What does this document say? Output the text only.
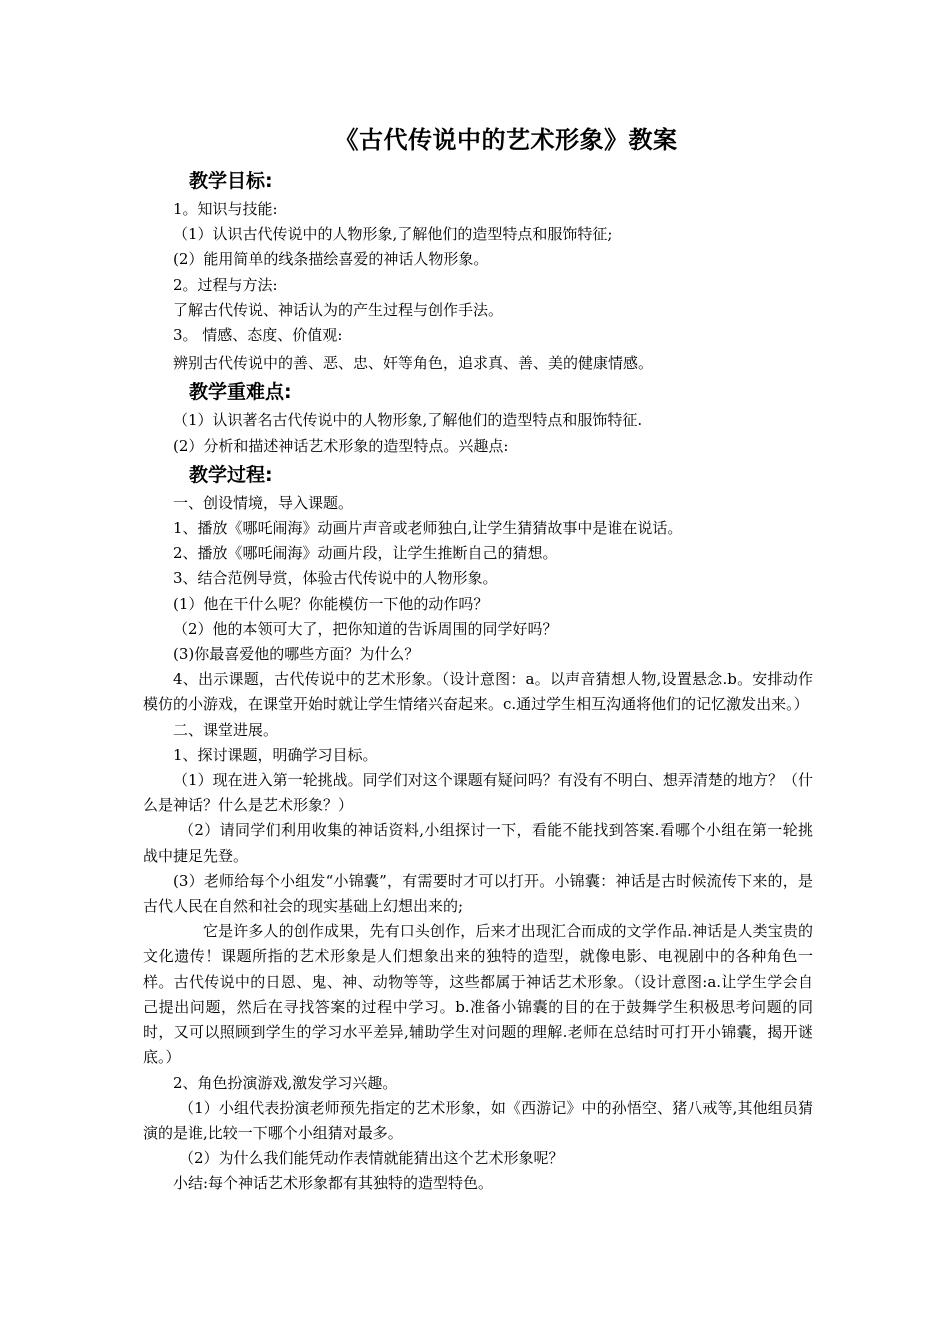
《古代传说中的艺术形象》教案
教学目标:

1。知识与技能:

（1）认识古代传说中的人物形象,了解他们的造型特点和服饰特征;

(2）能用简单的线条描绘喜爱的神话人物形象。

2。过程与方法:

了解古代传说、神话认为的产生过程与创作手法。

3。 情感、态度、价值观:

辨别古代传说中的善、恶、忠、奸等角色，追求真、善、美的健康情感。

教学重难点:

（1）认识著名古代传说中的人物形象,了解他们的造型特点和服饰特征.

(2）分析和描述神话艺术形象的造型特点。兴趣点:

教学过程:

一、创设情境，导入课题。

1、播放《哪吒闹海》动画片声音或老师独白,让学生猜猜故事中是谁在说话。

2、播放《哪吒闹海》动画片段，让学生推断自己的猜想。

3、结合范例导赏，体验古代传说中的人物形象。

(1）他在干什么呢？你能模仿一下他的动作吗？

（2）他的本领可大了，把你知道的告诉周围的同学好吗？

(3)你最喜爱他的哪些方面？为什么？

4、出示课题，古代传说中的艺术形象。（设计意图：a。以声音猜想人物,设置悬念.b。安排动作模仿的小游戏，在课堂开始时就让学生情绪兴奋起来。c.通过学生相互沟通将他们的记忆激发出来。）

二、课堂进展。

1、探讨课题，明确学习目标。

（1）现在进入第一轮挑战。同学们对这个课题有疑问吗？有没有不明白、想弄清楚的地方？（什么是神话？什么是艺术形象？）

（2）请同学们利用收集的神话资料,小组探讨一下，看能不能找到答案.看哪个小组在第一轮挑战中捷足先登。

(3）老师给每个小组发“小锦囊”，有需要时才可以打开。小锦囊：神话是古时候流传下来的，是古代人民在自然和社会的现实基础上幻想出来的;

它是许多人的创作成果，先有口头创作，后来才出现汇合而成的文学作品.神话是人类宝贵的文化遗传！课题所指的艺术形象是人们想象出来的独特的造型，就像电影、电视剧中的各种角色一样。古代传说中的日恩、鬼、神、动物等等，这些都属于神话艺术形象。（设计意图:a.让学生学会自己提出问题，然后在寻找答案的过程中学习。b.准备小锦囊的目的在于鼓舞学生积极思考问题的同时，又可以照顾到学生的学习水平差异,辅助学生对问题的理解.老师在总结时可打开小锦囊，揭开谜底。）

2、角色扮演游戏,激发学习兴趣。

（1）小组代表扮演老师预先指定的艺术形象，如《西游记》中的孙悟空、猪八戒等,其他组员猜演的是谁,比较一下哪个小组猜对最多。

（2）为什么我们能凭动作表情就能猜出这个艺术形象呢？

小结:每个神话艺术形象都有其独特的造型特色。
